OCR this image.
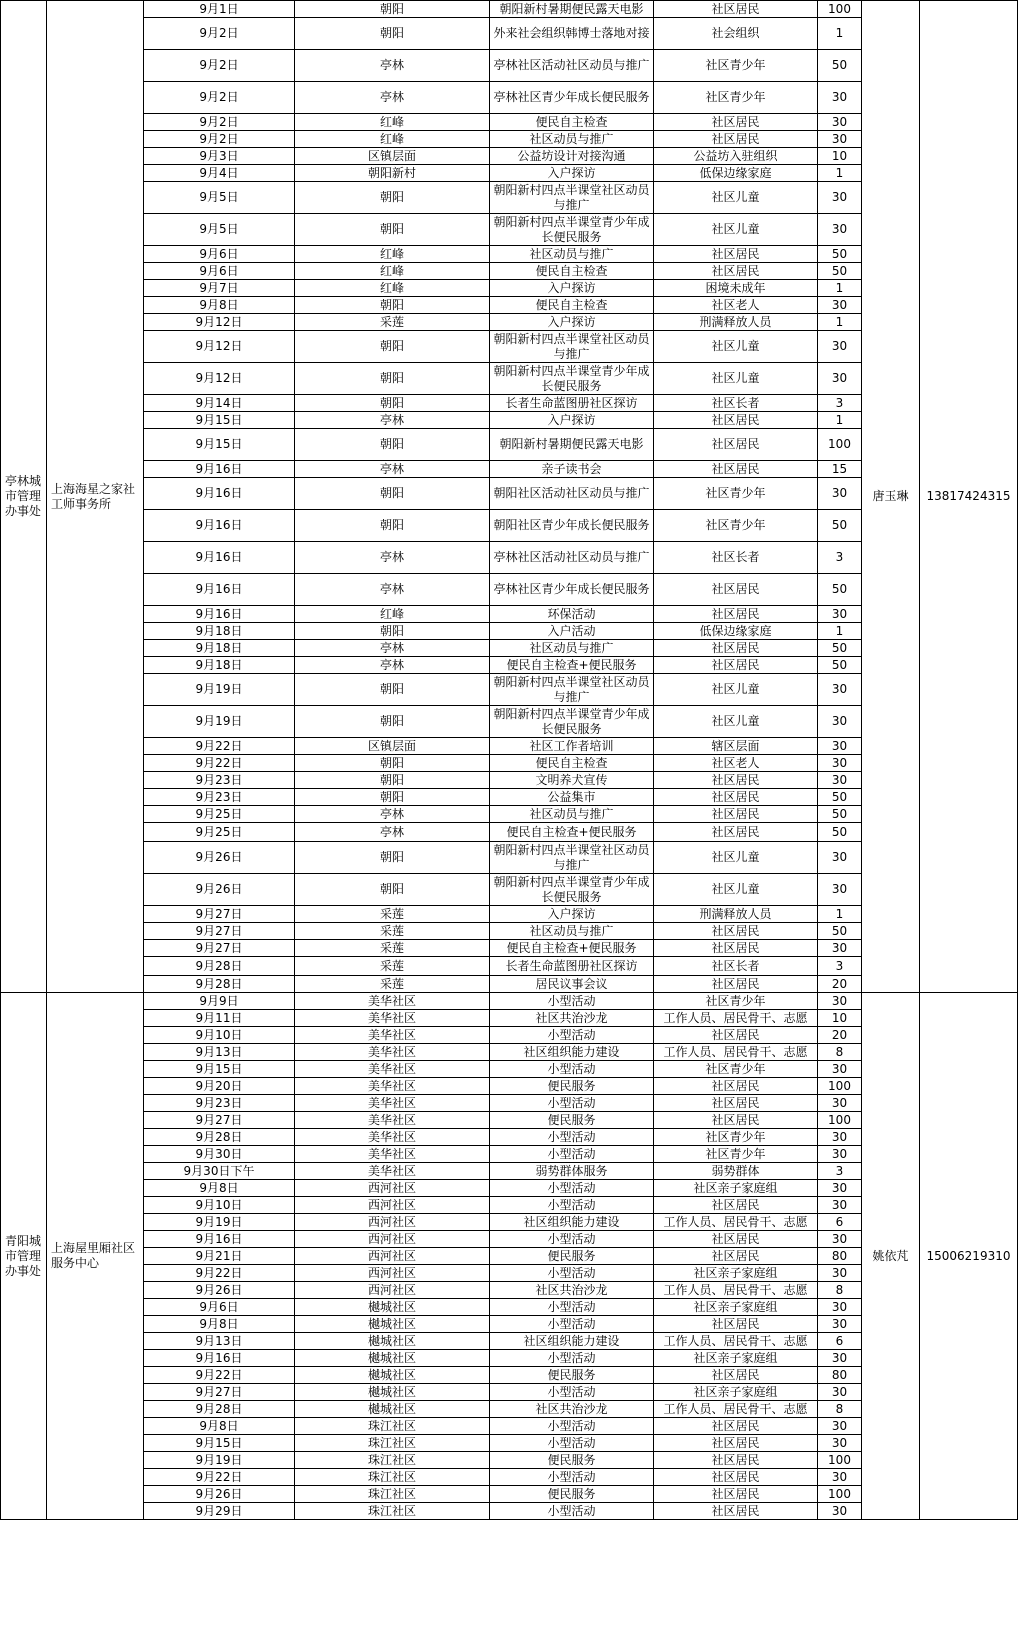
亭林城市管理办事处	上海海星之家社工师事务所	9月1日	朝阳	朝阳新村暑期便民露天电影	社区居民	100	唐玉琳	13817424315
		9月2日	朝阳	外来社会组织韩博士落地对接	社会组织	1		
		9月2日	亭林	亭林社区活动社区动员与推广	社区青少年	50		
		9月2日	亭林	亭林社区青少年成长便民服务	社区青少年	30		
		9月2日	红峰	便民自主检查	社区居民	30		
		9月2日	红峰	社区动员与推广	社区居民	30		
		9月3日	区镇层面	公益坊设计对接沟通	公益坊入驻组织	10		
		9月4日	朝阳新村	入户探访	低保边缘家庭	1		
		9月5日	朝阳	朝阳新村四点半课堂社区动员与推广	社区儿童	30		
		9月5日	朝阳	朝阳新村四点半课堂青少年成长便民服务	社区儿童	30		
		9月6日	红峰	社区动员与推广	社区居民	50		
		9月6日	红峰	便民自主检查	社区居民	50		
		9月7日	红峰	入户探访	困境未成年	1		
		9月8日	朝阳	便民自主检查	社区老人	30		
		9月12日	采莲	入户探访	刑满释放人员	1		
		9月12日	朝阳	朝阳新村四点半课堂社区动员与推广	社区儿童	30		
		9月12日	朝阳	朝阳新村四点半课堂青少年成长便民服务	社区儿童	30		
		9月14日	朝阳	长者生命蓝图册社区探访	社区长者	3		
		9月15日	亭林	入户探访	社区居民	1		
		9月15日	朝阳	朝阳新村暑期便民露天电影	社区居民	100		
		9月16日	亭林	亲子读书会	社区居民	15		
		9月16日	朝阳	朝阳社区活动社区动员与推广	社区青少年	30		
		9月16日	朝阳	朝阳社区青少年成长便民服务	社区青少年	50		
		9月16日	亭林	亭林社区活动社区动员与推广	社区长者	3		
		9月16日	亭林	亭林社区青少年成长便民服务	社区居民	50		
		9月16日	红峰	环保活动	社区居民	30		
		9月18日	朝阳	入户活动	低保边缘家庭	1		
		9月18日	亭林	社区动员与推广	社区居民	50		
		9月18日	亭林	便民自主检查+便民服务	社区居民	50		
		9月19日	朝阳	朝阳新村四点半课堂社区动员与推广	社区儿童	30		
		9月19日	朝阳	朝阳新村四点半课堂青少年成长便民服务	社区儿童	30		
		9月22日	区镇层面	社区工作者培训	辖区层面	30		
		9月22日	朝阳	便民自主检查	社区老人	30		
		9月23日	朝阳	文明养犬宣传	社区居民	30		
		9月23日	朝阳	公益集市	社区居民	50		
		9月25日	亭林	社区动员与推广	社区居民	50		
		9月25日	亭林	便民自主检查+便民服务	社区居民	50		
		9月26日	朝阳	朝阳新村四点半课堂社区动员与推广	社区儿童	30		
		9月26日	朝阳	朝阳新村四点半课堂青少年成长便民服务	社区儿童	30		
		9月27日	采莲	入户探访	刑满释放人员	1		
		9月27日	采莲	社区动员与推广	社区居民	50		
		9月27日	采莲	便民自主检查+便民服务	社区居民	30		
		9月28日	采莲	长者生命蓝图册社区探访	社区长者	3		
		9月28日	采莲	居民议事会议	社区居民	20		
青阳城市管理办事处	上海屋里厢社区服务中心	9月9日	美华社区	小型活动	社区青少年	30	姚依芃	15006219310
		9月11日	美华社区	社区共治沙龙	工作人员、居民骨干、志愿	10		
		9月10日	美华社区	小型活动	社区居民	20		
		9月13日	美华社区	社区组织能力建设	工作人员、居民骨干、志愿	8		
		9月15日	美华社区	小型活动	社区青少年	30		
		9月20日	美华社区	便民服务	社区居民	100		
		9月23日	美华社区	小型活动	社区居民	30		
		9月27日	美华社区	便民服务	社区居民	100		
		9月28日	美华社区	小型活动	社区青少年	30		
		9月30日	美华社区	小型活动	社区青少年	30		
		9月30日下午	美华社区	弱势群体服务	弱势群体	3		
		9月8日	西河社区	小型活动	社区亲子家庭组	30		
		9月10日	西河社区	小型活动	社区居民	30		
		9月19日	西河社区	社区组织能力建设	工作人员、居民骨干、志愿	6		
		9月16日	西河社区	小型活动	社区居民	30		
		9月21日	西河社区	便民服务	社区居民	80		
		9月22日	西河社区	小型活动	社区亲子家庭组	30		
		9月26日	西河社区	社区共治沙龙	工作人员、居民骨干、志愿	8		
		9月6日	樾城社区	小型活动	社区亲子家庭组	30		
		9月8日	樾城社区	小型活动	社区居民	30		
		9月13日	樾城社区	社区组织能力建设	工作人员、居民骨干、志愿	6		
		9月16日	樾城社区	小型活动	社区亲子家庭组	30		
		9月22日	樾城社区	便民服务	社区居民	80		
		9月27日	樾城社区	小型活动	社区亲子家庭组	30		
		9月28日	樾城社区	社区共治沙龙	工作人员、居民骨干、志愿	8		
		9月8日	珠江社区	小型活动	社区居民	30		
		9月15日	珠江社区	小型活动	社区居民	30		
		9月19日	珠江社区	便民服务	社区居民	100		
		9月22日	珠江社区	小型活动	社区居民	30		
		9月26日	珠江社区	便民服务	社区居民	100		
		9月29日	珠江社区	小型活动	社区居民	30		
